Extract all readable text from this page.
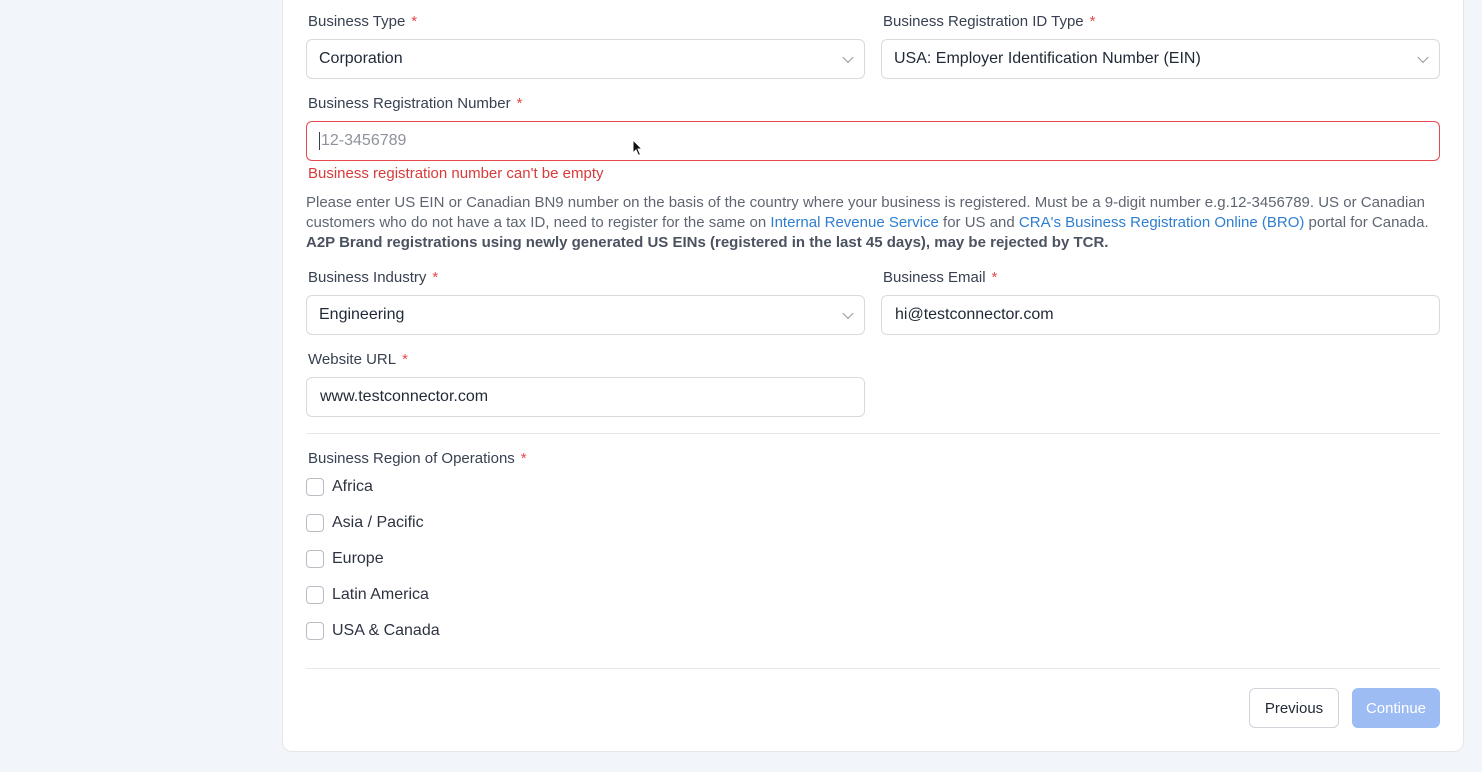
Business Type *
Corporation
Business Registration ID Type *
USA: Employer Identification Number (EIN)
Business Registration Number *
12-3456789
Business registration number can't be empty
Please enter US EIN or Canadian BN9 number on the basis of the country where your business is registered. Must be a 9-digit number e.g.12-3456789. US or Canadian customers who do not have a tax ID, need to register for the same on Internal Revenue Service for US and CRA's Business Registration Online (BRO) portal for Canada. A2P Brand registrations using newly generated US EINs (registered in the last 45 days), may be rejected by TCR.
Business Industry *
Engineering
Business Email *
hi@testconnector.com
Website URL *
www.testconnector.com
Business Region of Operations *
Africa
Asia / Pacific
Europe
Latin America
USA & Canada
Previous	Continue
